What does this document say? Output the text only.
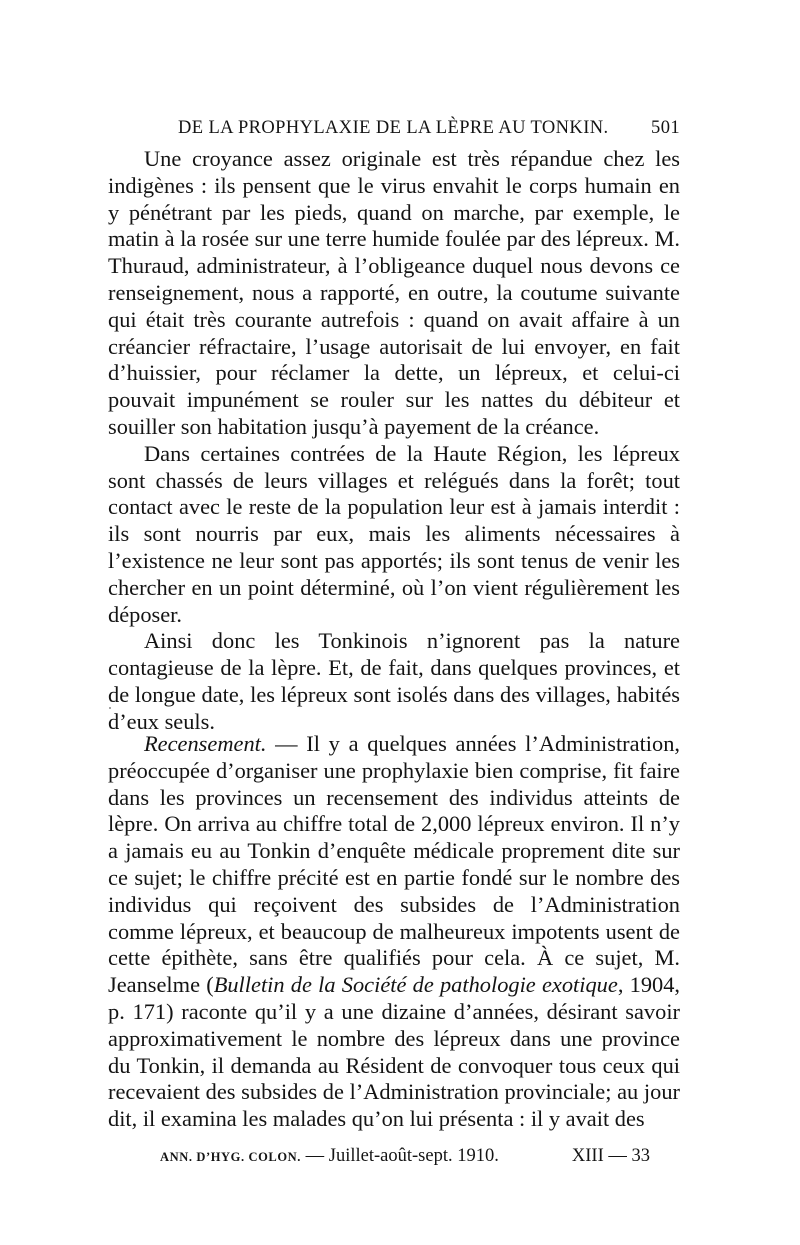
DE LA PROPHYLAXIE DE LA LÈPRE AU TONKIN. 501

Une croyance assez originale est très répandue chez les indigènes : ils pensent que le virus envahit le corps humain en y pénétrant par les pieds, quand on marche, par exemple, le matin à la rosée sur une terre humide foulée par des lépreux. M. Thuraud, administrateur, à l’obligeance duquel nous devons ce renseignement, nous a rapporté, en outre, la coutume suivante qui était très courante autrefois : quand on avait affaire à un créancier réfractaire, l’usage autorisait de lui envoyer, en fait d’huissier, pour réclamer la dette, un lépreux, et celui-ci pouvait impunément se rouler sur les nattes du débiteur et souiller son habitation jusqu’à payement de la créance.

Dans certaines contrées de la Haute Région, les lépreux sont chassés de leurs villages et relégués dans la forêt; tout contact avec le reste de la population leur est à jamais interdit : ils sont nourris par eux, mais les aliments nécessaires à l’existence ne leur sont pas apportés; ils sont tenus de venir les chercher en un point déterminé, où l’on vient régulièrement les déposer.

Ainsi donc les Tonkinois n’ignorent pas la nature contagieuse de la lèpre. Et, de fait, dans quelques provinces, et de longue date, les lépreux sont isolés dans des villages, habités d’eux seuls.

Recensement. — Il y a quelques années l’Administration, préoccupée d’organiser une prophylaxie bien comprise, fit faire dans les provinces un recensement des individus atteints de lèpre. On arriva au chiffre total de 2,000 lépreux environ. Il n’y a jamais eu au Tonkin d’enquête médicale proprement dite sur ce sujet; le chiffre précité est en partie fondé sur le nombre des individus qui reçoivent des subsides de l’Administration comme lépreux, et beaucoup de malheureux impotents usent de cette épithète, sans être qualifiés pour cela. À ce sujet, M. Jeanselme (Bulletin de la Société de pathologie exotique, 1904, p. 171) raconte qu’il y a une dizaine d’années, désirant savoir approximativement le nombre des lépreux dans une province du Tonkin, il demanda au Résident de convoquer tous ceux qui recevaient des subsides de l’Administration provinciale; au jour dit, il examina les malades qu’on lui présenta : il y avait des

ANN. D’HYG. COLON. — Juillet-août-sept. 1910.	XIII — 33
